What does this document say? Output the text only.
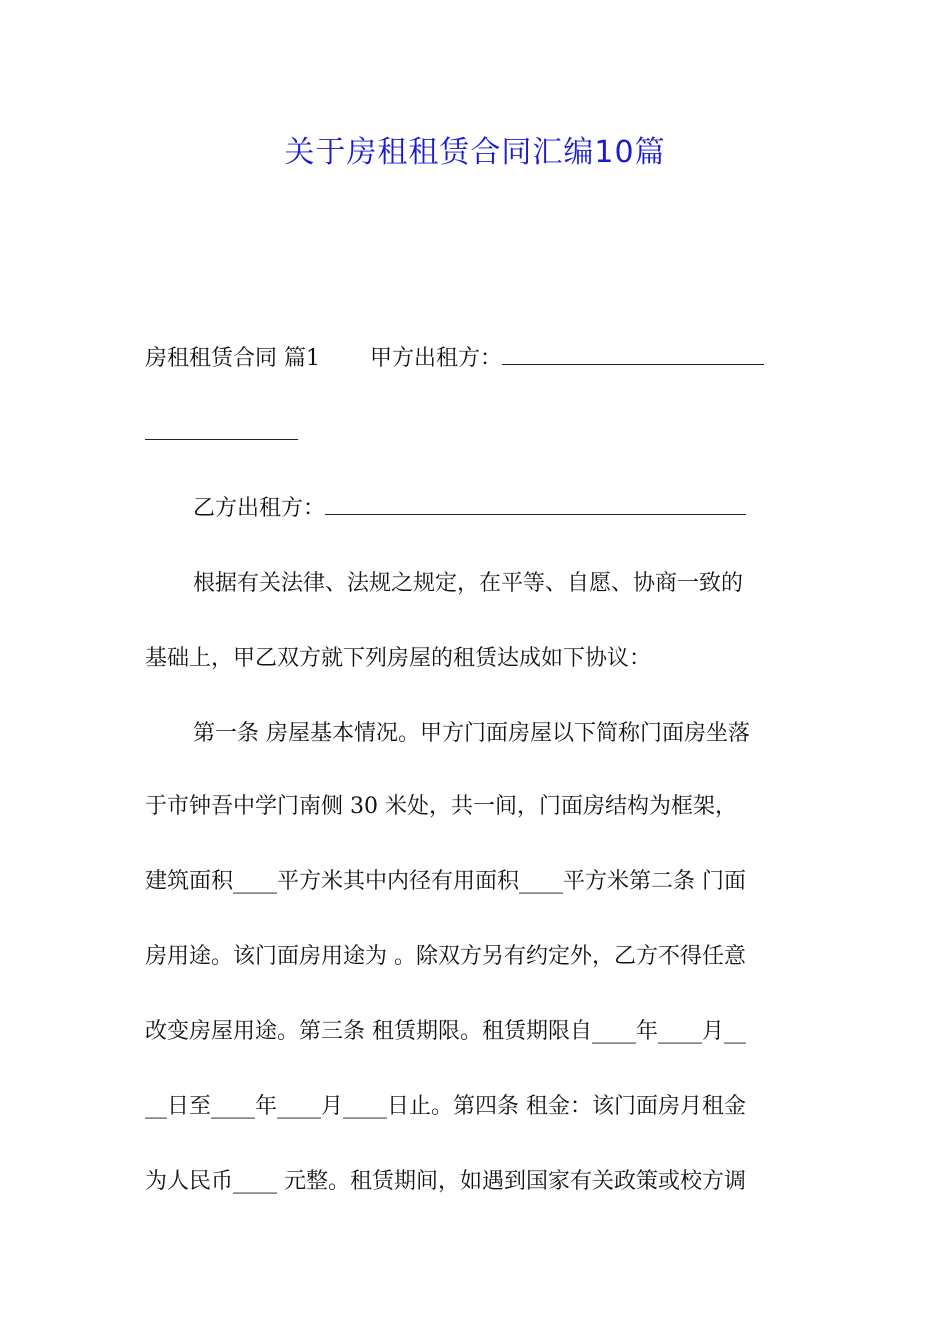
关于房租租赁合同汇编10篇
房租租赁合同 篇1 甲方出租方：
乙方出租方：
根据有关法律、法规之规定，在平等、自愿、协商一致的
基础上，甲乙双方就下列房屋的租赁达成如下协议：
第一条 房屋基本情况。甲方门面房屋以下简称门面房坐落
于市钟吾中学门南侧 30 米处，共一间，门面房结构为框架，
建筑面积____平方米其中内径有用面积____平方米第二条 门面
房用途。该门面房用途为 。除双方另有约定外，乙方不得任意
改变房屋用途。第三条 租赁期限。租赁期限自____年____月__
__日至____年____月____日止。第四条 租金：该门面房月租金
为人民币____ 元整。租赁期间，如遇到国家有关政策或校方调
